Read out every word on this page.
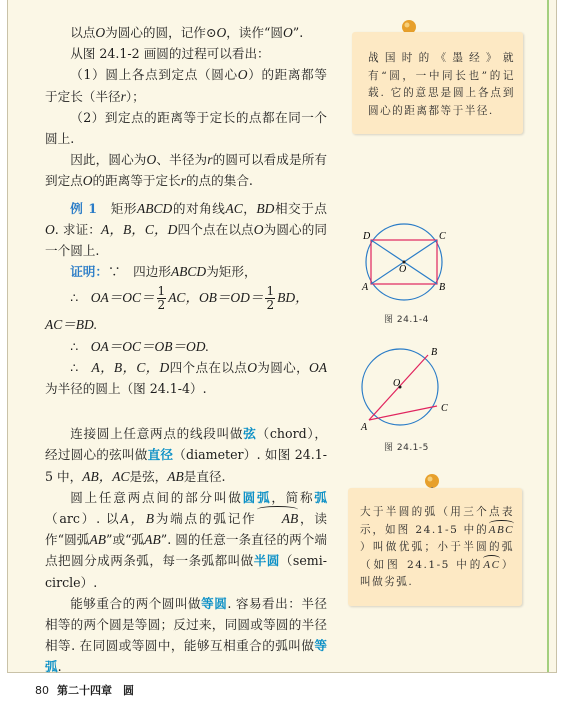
以点O为圆心的圆，记作⊙O，读作“圆O”.

从图 24.1-2 画圆的过程可以看出：

（1）圆上各点到定点（圆心O）的距离都等于定长（半径r）；

（2）到定点的距离等于定长的点都在同一个圆上.

因此，圆心为O、半径为r的圆可以看成是所有到定点O的距离等于定长r的点的集合.

例 1　 矩形ABCD的对角线AC，BD相交于点O. 求证：A，B，C，D四个点在以点O为圆心的同一个圆上.

证明：∵　四边形ABCD为矩形，

∴　 $OA=OC= \frac{1}{2}$ AC，$OB=OD= \frac{1}{2}$ BD，

AC＝BD.

∴　 OA＝OC＝OB＝OD.

∴　 A，B，C，D四个点在以点O为圆心，OA为半径的圆上（图 24.1-4）.

连接圆上任意两点的线段叫做弦（chord），经过圆心的弦叫做直径（diameter）. 如图 24.1-5 中，AB，AC是弦，AB是直径.

圆上任意两点间的部分叫做圆弧，简称弧（arc）. 以A，B为端点的弧记作 AB，读作“圆弧AB”或“弧AB”. 圆的任意一条直径的两个端点把圆分成两条弧，每一条弧都叫做半圆（semi-circle）.

能够重合的两个圆叫做等圆. 容易看出：半径相等的两个圆是等圆；反过来，同圆或等圆的半径相等. 在同圆或等圆中，能够互相重合的弧叫做等弧.

战国时的《墨经》就有“圆，一中同长也”的记载. 它的意思是圆上各点到圆心的距离都等于半径.

D	C
A	B
O
图 24.1-4
A
B
C
O
图 24.1-5

大于半圆的弧（用三个点表示，如图 24.1-5 中的ABC）叫做优弧；小于半圆的弧（如图 24.1-5 中的AC）叫做劣弧.

80 第二十四章　圆
